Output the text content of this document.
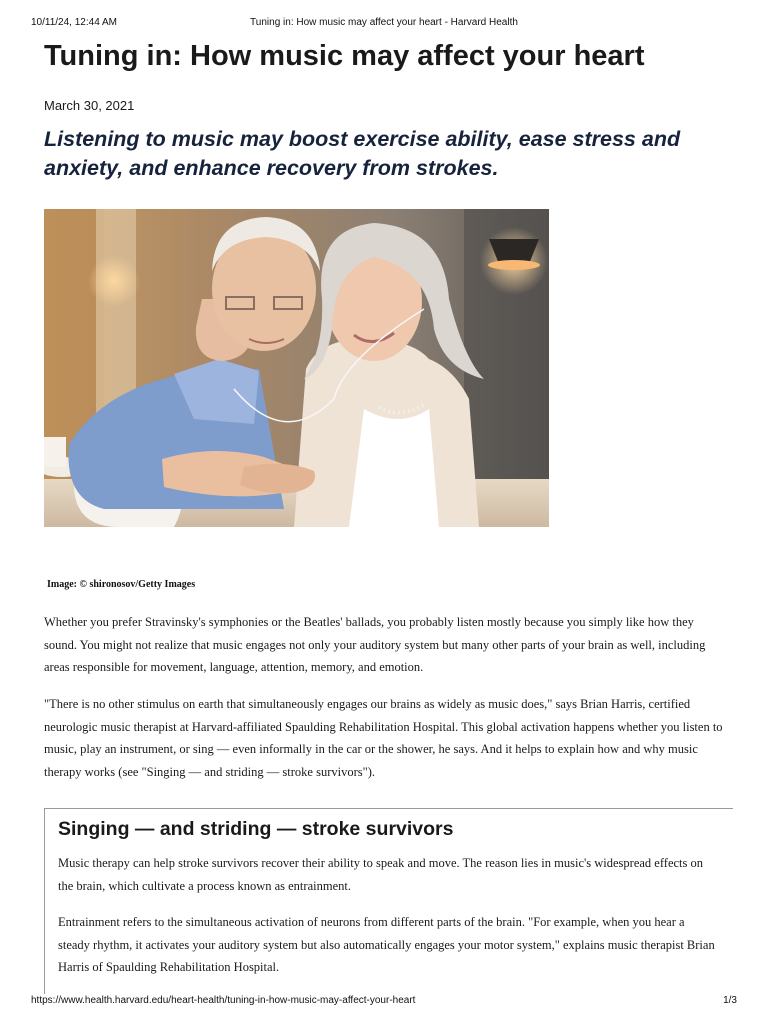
10/11/24, 12:44 AM	Tuning in: How music may affect your heart - Harvard Health
Tuning in: How music may affect your heart
March 30, 2021
Listening to music may boost exercise ability, ease stress and anxiety, and enhance recovery from strokes.
Image: © shironosov/Getty Images

Whether you prefer Stravinsky's symphonies or the Beatles' ballads, you probably listen mostly because you simply like how they sound. You might not realize that music engages not only your auditory system but many other parts of your brain as well, including areas responsible for movement, language, attention, memory, and emotion.

"There is no other stimulus on earth that simultaneously engages our brains as widely as music does," says Brian Harris, certified neurologic music therapist at Harvard-affiliated Spaulding Rehabilitation Hospital. This global activation happens whether you listen to music, play an instrument, or sing — even informally in the car or the shower, he says. And it helps to explain how and why music therapy works (see "Singing — and striding — stroke survivors").

Singing — and striding — stroke survivors

Music therapy can help stroke survivors recover their ability to speak and move. The reason lies in music's widespread effects on the brain, which cultivate a process known as entrainment.

Entrainment refers to the simultaneous activation of neurons from different parts of the brain. "For example, when you hear a steady rhythm, it activates your auditory system but also automatically engages your motor system," explains music therapist Brian Harris of Spaulding Rehabilitation Hospital.

https://www.health.harvard.edu/heart-health/tuning-in-how-music-may-affect-your-heart	1/3
